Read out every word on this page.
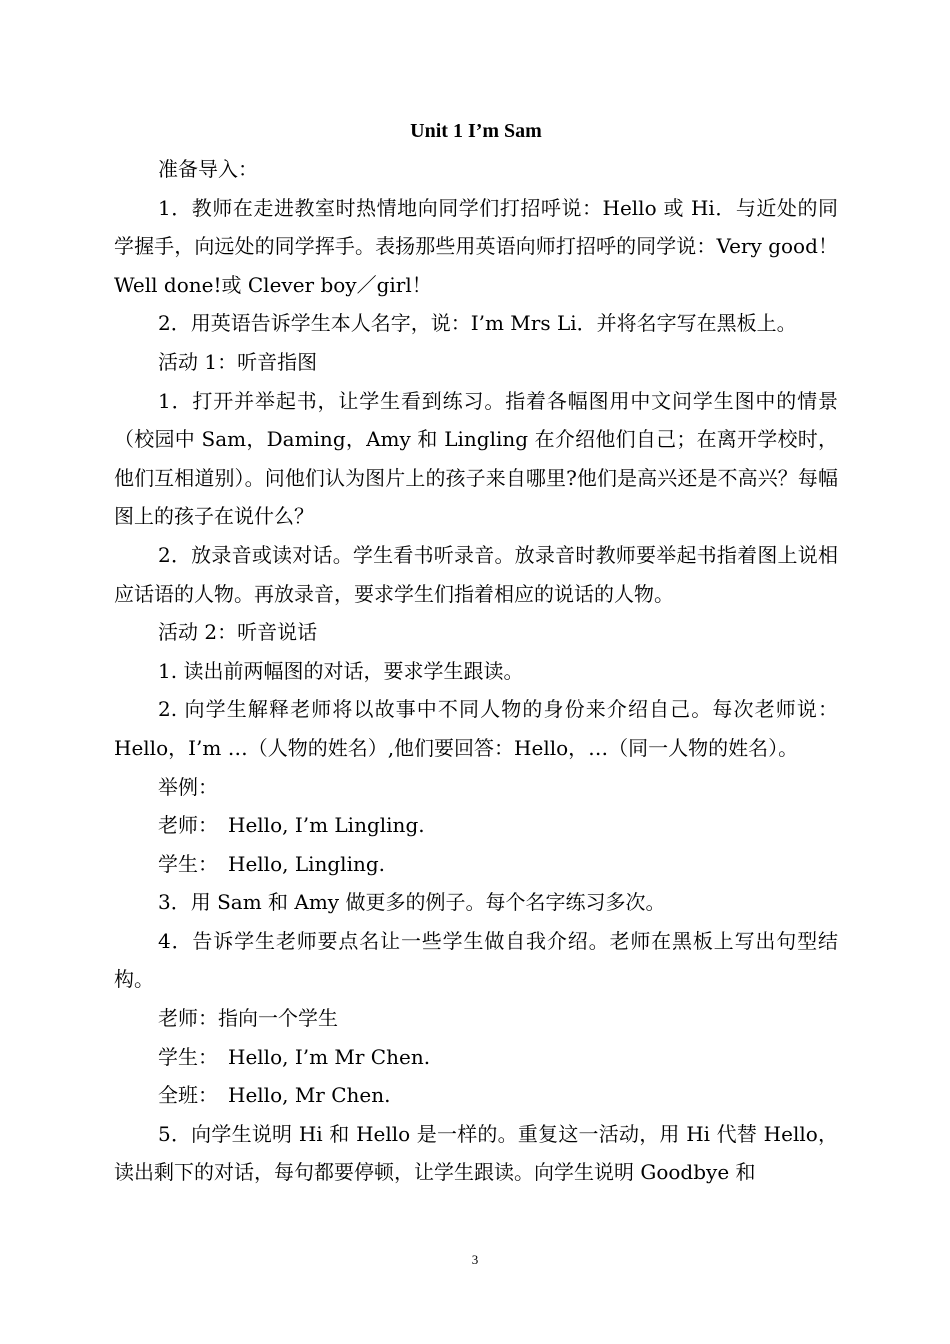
Unit 1 I’m Sam

准备导入：

1．教师在走进教室时热情地向同学们打招呼说：Hello 或 Hi．与近处的同学握手，向远处的同学挥手。表扬那些用英语向师打招呼的同学说：Very good！ Well done!或 Clever boy／girl！

2．用英语告诉学生本人名字，说：I’m Mrs Li．并将名字写在黑板上。

活动 1：听音指图

1．打开并举起书，让学生看到练习。指着各幅图用中文问学生图中的情景（校园中 Sam，Daming，Amy 和 Lingling 在介绍他们自己；在离开学校时，他们互相道别）。问他们认为图片上的孩子来自哪里?他们是高兴还是不高兴？每幅图上的孩子在说什么？

2．放录音或读对话。学生看书听录音。放录音时教师要举起书指着图上说相应话语的人物。再放录音，要求学生们指着相应的说话的人物。

活动 2：听音说话

1. 读出前两幅图的对话，要求学生跟读。

2. 向学生解释老师将以故事中不同人物的身份来介绍自己。每次老师说：Hello，I’m …（人物的姓名）,他们要回答：Hello，…（同一人物的姓名）。

举例：

老师：　Hello, I’m Lingling.

学生：　Hello, Lingling.

3．用 Sam 和 Amy 做更多的例子。每个名字练习多次。

4．告诉学生老师要点名让一些学生做自我介绍。老师在黑板上写出句型结构。

老师：指向一个学生

学生：　Hello, I’m Mr Chen.

全班：　Hello, Mr Chen.

5．向学生说明 Hi 和 Hello 是一样的。重复这一活动，用 Hi 代替 Hello，读出剩下的对话，每句都要停顿，让学生跟读。向学生说明 Goodbye 和

3
